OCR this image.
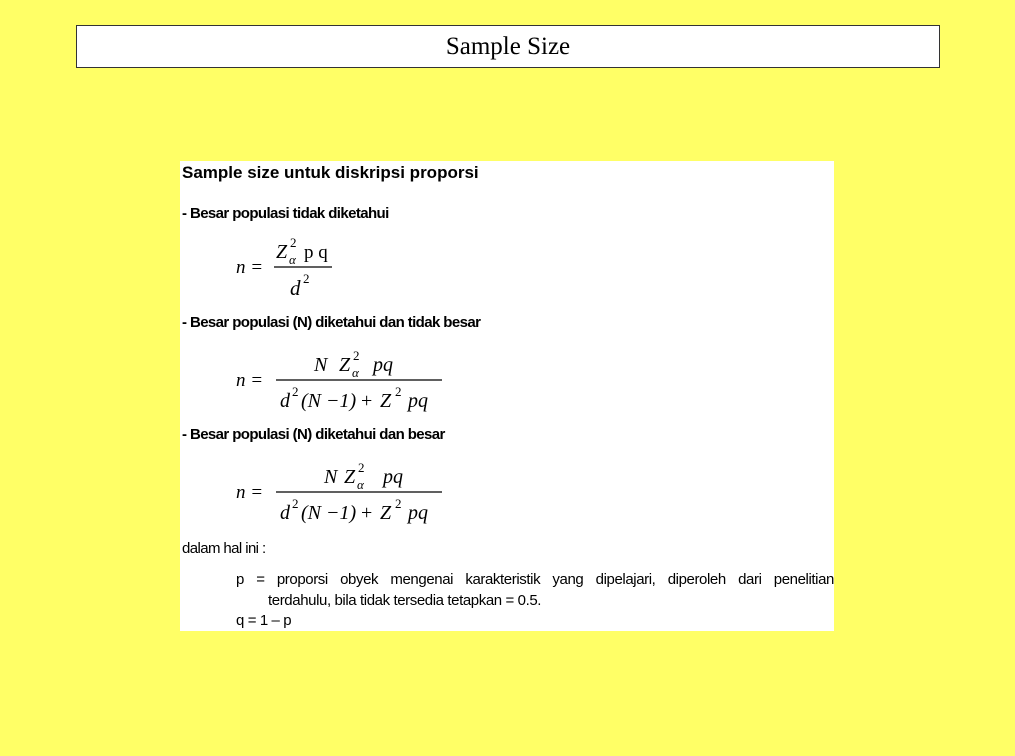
Sample Size
Sample size untuk diskripsi proporsi
- Besar populasi tidak diketahui
n =
Z 2
α p q
d 2
- Besar populasi (N) diketahui dan tidak besar
n =
N Z 2
α pq
d 2 (N −1) + Z 2 pq
- Besar populasi (N) diketahui dan besar
n =
N Z 2
α pq
d 2 (N −1) + Z 2 pq
dalam hal ini :
p = proporsi obyek mengenai karakteristik yang dipelajari, diperoleh dari penelitian
terdahulu, bila tidak tersedia tetapkan = 0.5.
q = 1 – p
